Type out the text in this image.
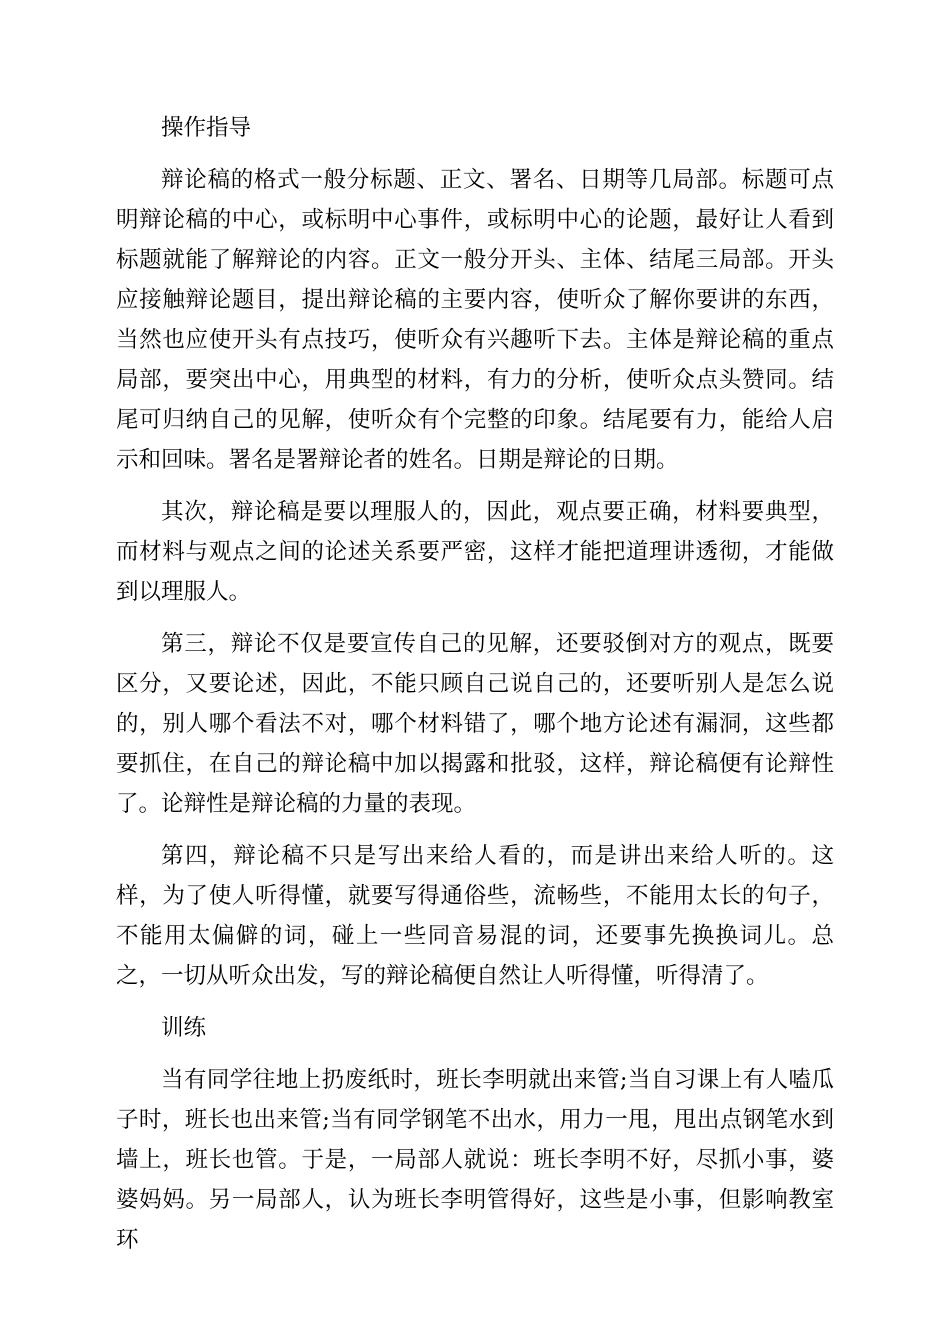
操作指导

辩论稿的格式一般分标题、正文、署名、日期等几局部。标题可点明辩论稿的中心，或标明中心事件，或标明中心的论题，最好让人看到标题就能了解辩论的内容。正文一般分开头、主体、结尾三局部。开头应接触辩论题目，提出辩论稿的主要内容，使听众了解你要讲的东西，当然也应使开头有点技巧，使听众有兴趣听下去。主体是辩论稿的重点局部，要突出中心，用典型的材料，有力的分析，使听众点头赞同。结尾可归纳自己的见解，使听众有个完整的印象。结尾要有力，能给人启示和回味。署名是署辩论者的姓名。日期是辩论的日期。

其次，辩论稿是要以理服人的，因此，观点要正确，材料要典型，而材料与观点之间的论述关系要严密，这样才能把道理讲透彻，才能做到以理服人。

第三，辩论不仅是要宣传自己的见解，还要驳倒对方的观点，既要区分，又要论述，因此，不能只顾自己说自己的，还要听别人是怎么说的，别人哪个看法不对，哪个材料错了，哪个地方论述有漏洞，这些都要抓住，在自己的辩论稿中加以揭露和批驳，这样，辩论稿便有论辩性了。论辩性是辩论稿的力量的表现。

第四，辩论稿不只是写出来给人看的，而是讲出来给人听的。这样，为了使人听得懂，就要写得通俗些，流畅些，不能用太长的句子，不能用太偏僻的词，碰上一些同音易混的词，还要事先换换词儿。总之，一切从听众出发，写的辩论稿便自然让人听得懂，听得清了。

训练

当有同学往地上扔废纸时，班长李明就出来管;当自习课上有人嗑瓜子时，班长也出来管;当有同学钢笔不出水，用力一甩，甩出点钢笔水到墙上，班长也管。于是，一局部人就说：班长李明不好，尽抓小事，婆婆妈妈。另一局部人，认为班长李明管得好，这些是小事，但影响教室环
